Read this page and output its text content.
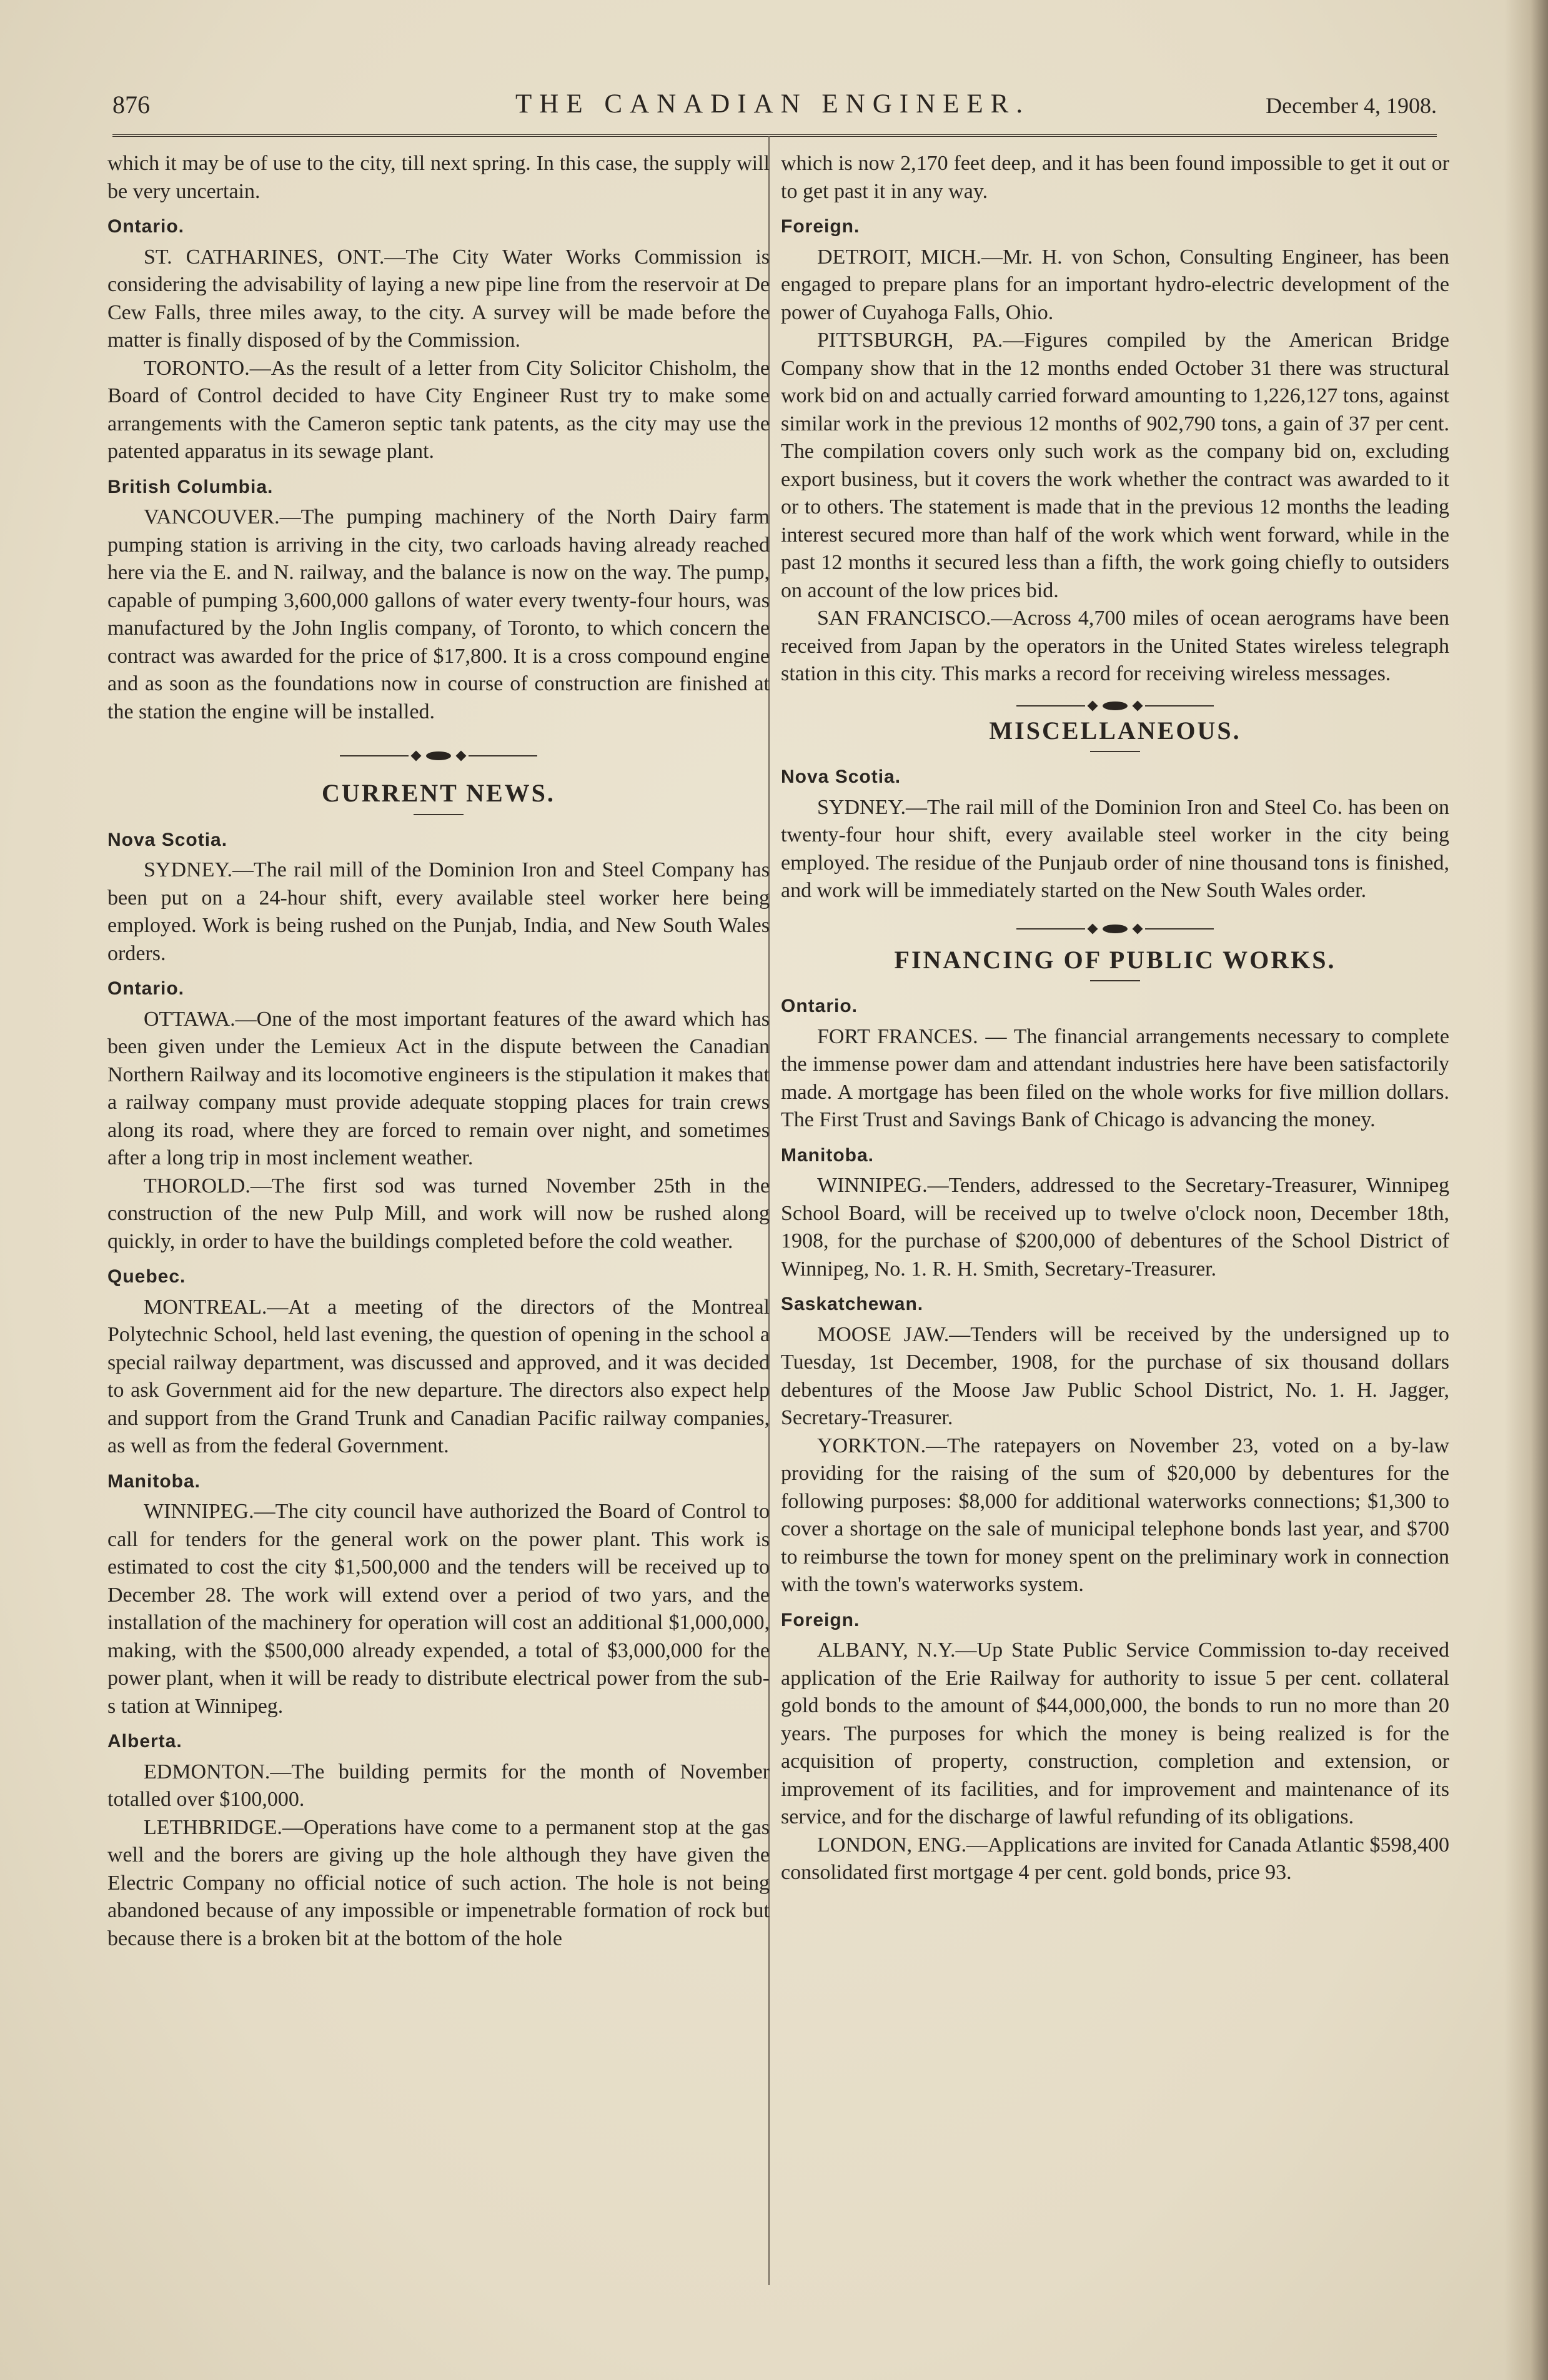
876	THE CANADIAN ENGINEER.	December 4, 1908.

which it may be of use to the city, till next spring. In this case, the supply will be very uncertain.

Ontario.

ST. CATHARINES, ONT.—The City Water Works Commission is considering the advisability of laying a new pipe line from the reservoir at De Cew Falls, three miles away, to the city. A survey will be made before the matter is finally disposed of by the Commission.

TORONTO.—As the result of a letter from City Solicitor Chisholm, the Board of Control decided to have City Engineer Rust try to make some arrangements with the Cameron septic tank patents, as the city may use the patented apparatus in its sewage plant.

British Columbia.

VANCOUVER.—The pumping machinery of the North Dairy farm pumping station is arriving in the city, two carloads having already reached here via the E. and N. railway, and the balance is now on the way. The pump, capable of pumping 3,600,000 gallons of water every twenty-four hours, was manufactured by the John Inglis company, of Toronto, to which concern the contract was awarded for the price of $17,800. It is a cross compound engine and as soon as the foundations now in course of construction are finished at the station the engine will be installed.

CURRENT NEWS.
Nova Scotia.

SYDNEY.—The rail mill of the Dominion Iron and Steel Company has been put on a 24-hour shift, every available steel worker here being employed. Work is being rushed on the Punjab, India, and New South Wales orders.

Ontario.

OTTAWA.—One of the most important features of the award which has been given under the Lemieux Act in the dispute between the Canadian Northern Railway and its locomotive engineers is the stipulation it makes that a railway company must provide adequate stopping places for train crews along its road, where they are forced to remain over night, and sometimes after a long trip in most inclement weather.

THOROLD.—The first sod was turned November 25th in the construction of the new Pulp Mill, and work will now be rushed along quickly, in order to have the buildings completed before the cold weather.

Quebec.

MONTREAL.—At a meeting of the directors of the Montreal Polytechnic School, held last evening, the question of opening in the school a special railway department, was discussed and approved, and it was decided to ask Government aid for the new departure. The directors also expect help and support from the Grand Trunk and Canadian Pacific railway companies, as well as from the federal Government.

Manitoba.

WINNIPEG.—The city council have authorized the Board of Control to call for tenders for the general work on the power plant. This work is estimated to cost the city $1,500,000 and the tenders will be received up to December 28. The work will extend over a period of two yars, and the installation of the machinery for operation will cost an additional $1,000,000, making, with the $500,000 already expended, a total of $3,000,000 for the power plant, when it will be ready to distribute electrical power from the sub-s tation at Winnipeg.

Alberta.

EDMONTON.—The building permits for the month of November totalled over $100,000.

LETHBRIDGE.—Operations have come to a permanent stop at the gas well and the borers are giving up the hole although they have given the Electric Company no official notice of such action. The hole is not being abandoned because of any impossible or impenetrable formation of rock but because there is a broken bit at the bottom of the hole

which is now 2,170 feet deep, and it has been found impossible to get it out or to get past it in any way.

Foreign.

DETROIT, MICH.—Mr. H. von Schon, Consulting Engineer, has been engaged to prepare plans for an important hydro-electric development of the power of Cuyahoga Falls, Ohio.

PITTSBURGH, PA.—Figures compiled by the American Bridge Company show that in the 12 months ended October 31 there was structural work bid on and actually carried forward amounting to 1,226,127 tons, against similar work in the previous 12 months of 902,790 tons, a gain of 37 per cent. The compilation covers only such work as the company bid on, excluding export business, but it covers the work whether the contract was awarded to it or to others. The statement is made that in the previous 12 months the leading interest secured more than half of the work which went forward, while in the past 12 months it secured less than a fifth, the work going chiefly to outsiders on account of the low prices bid.

SAN FRANCISCO.—Across 4,700 miles of ocean aerograms have been received from Japan by the operators in the United States wireless telegraph station in this city. This marks a record for receiving wireless messages.

MISCELLANEOUS.
Nova Scotia.

SYDNEY.—The rail mill of the Dominion Iron and Steel Co. has been on twenty-four hour shift, every available steel worker in the city being employed. The residue of the Punjaub order of nine thousand tons is finished, and work will be immediately started on the New South Wales order.

FINANCING OF PUBLIC WORKS.
Ontario.

FORT FRANCES. — The financial arrangements necessary to complete the immense power dam and attendant industries here have been satisfactorily made. A mortgage has been filed on the whole works for five million dollars. The First Trust and Savings Bank of Chicago is advancing the money.

Manitoba.

WINNIPEG.—Tenders, addressed to the Secretary-Treasurer, Winnipeg School Board, will be received up to twelve o'clock noon, December 18th, 1908, for the purchase of $200,000 of debentures of the School District of Winnipeg, No. 1. R. H. Smith, Secretary-Treasurer.

Saskatchewan.

MOOSE JAW.—Tenders will be received by the undersigned up to Tuesday, 1st December, 1908, for the purchase of six thousand dollars debentures of the Moose Jaw Public School District, No. 1. H. Jagger, Secretary-Treasurer.

YORKTON.—The ratepayers on November 23, voted on a by-law providing for the raising of the sum of $20,000 by debentures for the following purposes: $8,000 for additional waterworks connections; $1,300 to cover a shortage on the sale of municipal telephone bonds last year, and $700 to reimburse the town for money spent on the preliminary work in connection with the town's waterworks system.

Foreign.

ALBANY, N.Y.—Up State Public Service Commission to-day received application of the Erie Railway for authority to issue 5 per cent. collateral gold bonds to the amount of $44,000,000, the bonds to run no more than 20 years. The purposes for which the money is being realized is for the acquisition of property, construction, completion and extension, or improvement of its facilities, and for improvement and maintenance of its service, and for the discharge of lawful refunding of its obligations.

LONDON, ENG.—Applications are invited for Canada Atlantic $598,400 consolidated first mortgage 4 per cent. gold bonds, price 93.
